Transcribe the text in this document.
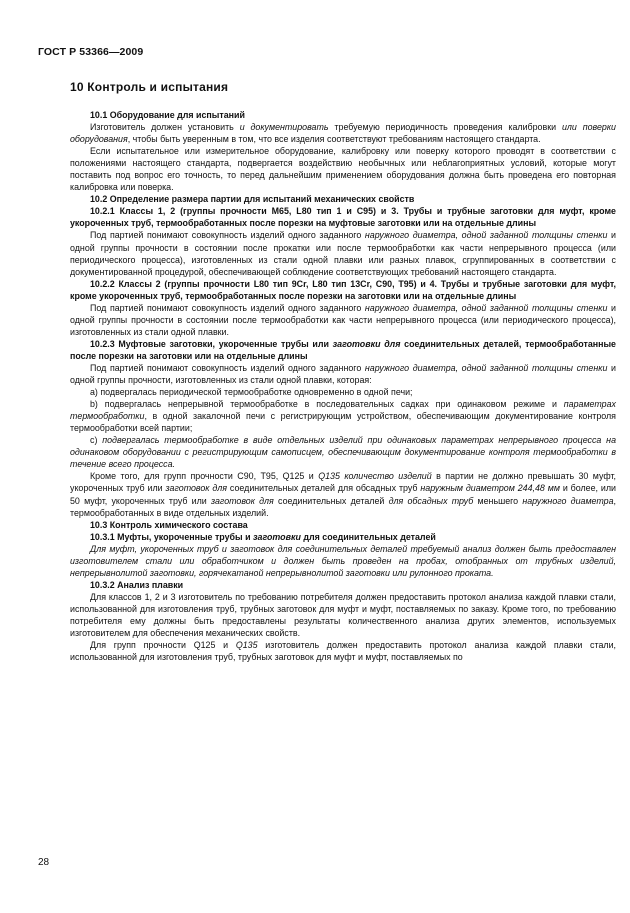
ГОСТ Р 53366—2009
10 Контроль и испытания

10.1 Оборудование для испытаний

Изготовитель должен установить и документировать требуемую периодичность проведения калибровки или поверки оборудования, чтобы быть уверенным в том, что все изделия соответствуют требованиям настоящего стандарта.

Если испытательное или измерительное оборудование, калибровку или поверку которого проводят в соответствии с положениями настоящего стандарта, подвергается воздействию необычных или неблагоприятных условий, которые могут поставить под вопрос его точность, то перед дальнейшим применением оборудования должна быть проведена его повторная калибровка или поверка.

10.2 Определение размера партии для испытаний механических свойств

10.2.1 Классы 1, 2 (группы прочности М65, L80 тип 1 и С95) и 3. Трубы и трубные заготовки для муфт, кроме укороченных труб, термообработанных после порезки на муфтовые заготовки или на отдельные длины

Под партией понимают совокупность изделий одного заданного наружного диаметра, одной заданной толщины стенки и одной группы прочности в состоянии после прокатки или после термообработки как части непрерывного процесса (или периодического процесса), изготовленных из стали одной плавки или разных плавок, сгруппированных в соответствии с документированной процедурой, обеспечивающей соблюдение соответствующих требований настоящего стандарта.

10.2.2 Классы 2 (группы прочности L80 тип 9Cr, L80 тип 13Cr, С90, Т95) и 4. Трубы и трубные заготовки для муфт, кроме укороченных труб, термообработанных после порезки на заготовки или на отдельные длины

Под партией понимают совокупность изделий одного заданного наружного диаметра, одной заданной толщины стенки и одной группы прочности в состоянии после термообработки как части непрерывного процесса (или периодического процесса), изготовленных из стали одной плавки.

10.2.3 Муфтовые заготовки, укороченные трубы или заготовки для соединительных деталей, термообработанные после порезки на заготовки или на отдельные длины

Под партией понимают совокупность изделий одного заданного наружного диаметра, одной заданной толщины стенки и одной группы прочности, изготовленных из стали одной плавки, которая:

а) подвергалась периодической термообработке одновременно в одной печи;

b) подвергалась непрерывной термообработке в последовательных садках при одинаковом режиме и параметрах термообработки, в одной закалочной печи с регистрирующим устройством, обеспечивающим документирование контроля термообработки всей партии;

c) подвергалась термообработке в виде отдельных изделий при одинаковых параметрах непрерывного процесса на одинаковом оборудовании с регистрирующим самописцем, обеспечивающим документирование контроля термообработки в течение всего процесса.

Кроме того, для групп прочности С90, Т95, Q125 и Q135 количество изделий в партии не должно превышать 30 муфт, укороченных труб или заготовок для соединительных деталей для обсадных труб наружным диаметром 244,48 мм и более, или 50 муфт, укороченных труб или заготовок для соединительных деталей для обсадных труб меньшего наружного диаметра, термообработанных в виде отдельных изделий.

10.3 Контроль химического состава

10.3.1 Муфты, укороченные трубы и заготовки для соединительных деталей

Для муфт, укороченных труб и заготовок для соединительных деталей требуемый анализ должен быть предоставлен изготовителем стали или обработчиком и должен быть проведен на пробах, отобранных от трубных изделий, непрерывнолитой заготовки, горячекатаной непрерывнолитой заготовки или рулонного проката.

10.3.2 Анализ плавки

Для классов 1, 2 и 3 изготовитель по требованию потребителя должен предоставить протокол анализа каждой плавки стали, использованной для изготовления труб, трубных заготовок для муфт и муфт, поставляемых по заказу. Кроме того, по требованию потребителя ему должны быть предоставлены результаты количественного анализа других элементов, используемых изготовителем для обеспечения механических свойств.

Для групп прочности Q125 и Q135 изготовитель должен предоставить протокол анализа каждой плавки стали, использованной для изготовления труб, трубных заготовок для муфт и муфт, поставляемых по

28
